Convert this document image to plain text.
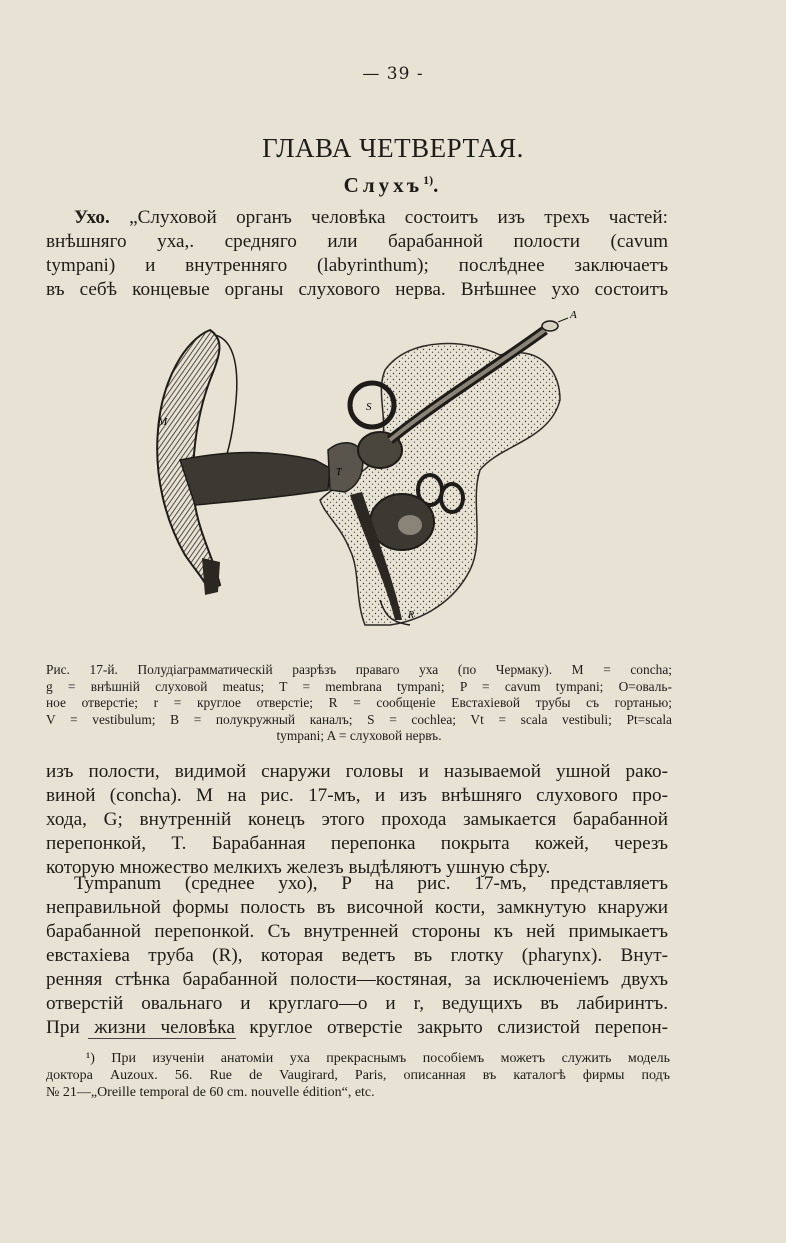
— 39 -
ГЛАВА ЧЕТВЕРТАЯ.
Слухъ$^{1)}$.
Ухо. „Слуховой органъ человѣка состоитъ изъ трехъ частей:
внѣшняго уха,. средняго или барабанной полости (cavum
tympani) и внутренняго (labyrinthum); послѣднее заключаетъ
въ себѣ концевые органы слухового нерва. Внѣшнее ухо состоитъ
A
M
S
T
R
Рис. 17-й. Полудіаграмматическій разрѣзъ праваго уха (по Чермаку). M = concha;
g = внѣшній слуховой meatus; T = membrana tympani; P = cavum tympani; O=оваль-
ное отверстіе; r = круглое отверстіе; R = сообщеніе Евстахіевой трубы съ гортанью;
V = vestibulum; B = полукружный каналъ; S = cochlea; Vt = scala vestibuli; Pt=scala
tympani; A = слуховой нервъ.
изъ полости, видимой снаружи головы и называемой ушной рако-
виной (concha). M на рис. 17-мъ, и изъ внѣшняго слухового про-
хода, G; внутренній конецъ этого прохода замыкается барабанной
перепонкой, T. Барабанная перепонка покрыта кожей, черезъ
которую множество мелкихъ железъ выдѣляютъ ушную сѣру.
Tympanum (среднее ухо), P на рис. 17-мъ, представляетъ
неправильной формы полость въ височной кости, замкнутую кнаружи
барабанной перепонкой. Съ внутренней стороны къ ней примыкаетъ
евстахіева труба (R), которая ведетъ въ глотку (pharynx). Внут-
ренняя стѣнка барабанной полости—костяная, за исключеніемъ двухъ
отверстій овальнаго и круглаго—o и r, ведущихъ въ лабиринтъ.
При жизни человѣка круглое отверстіе закрыто слизистой перепон-
¹) При изученіи анатоміи уха прекраснымъ пособіемъ можетъ служить модель
доктора Auzoux. 56. Rue de Vaugirard, Paris, описанная въ каталогѣ фирмы подъ
№ 21—„Oreille temporal de 60 cm. nouvelle édition“, etc.
